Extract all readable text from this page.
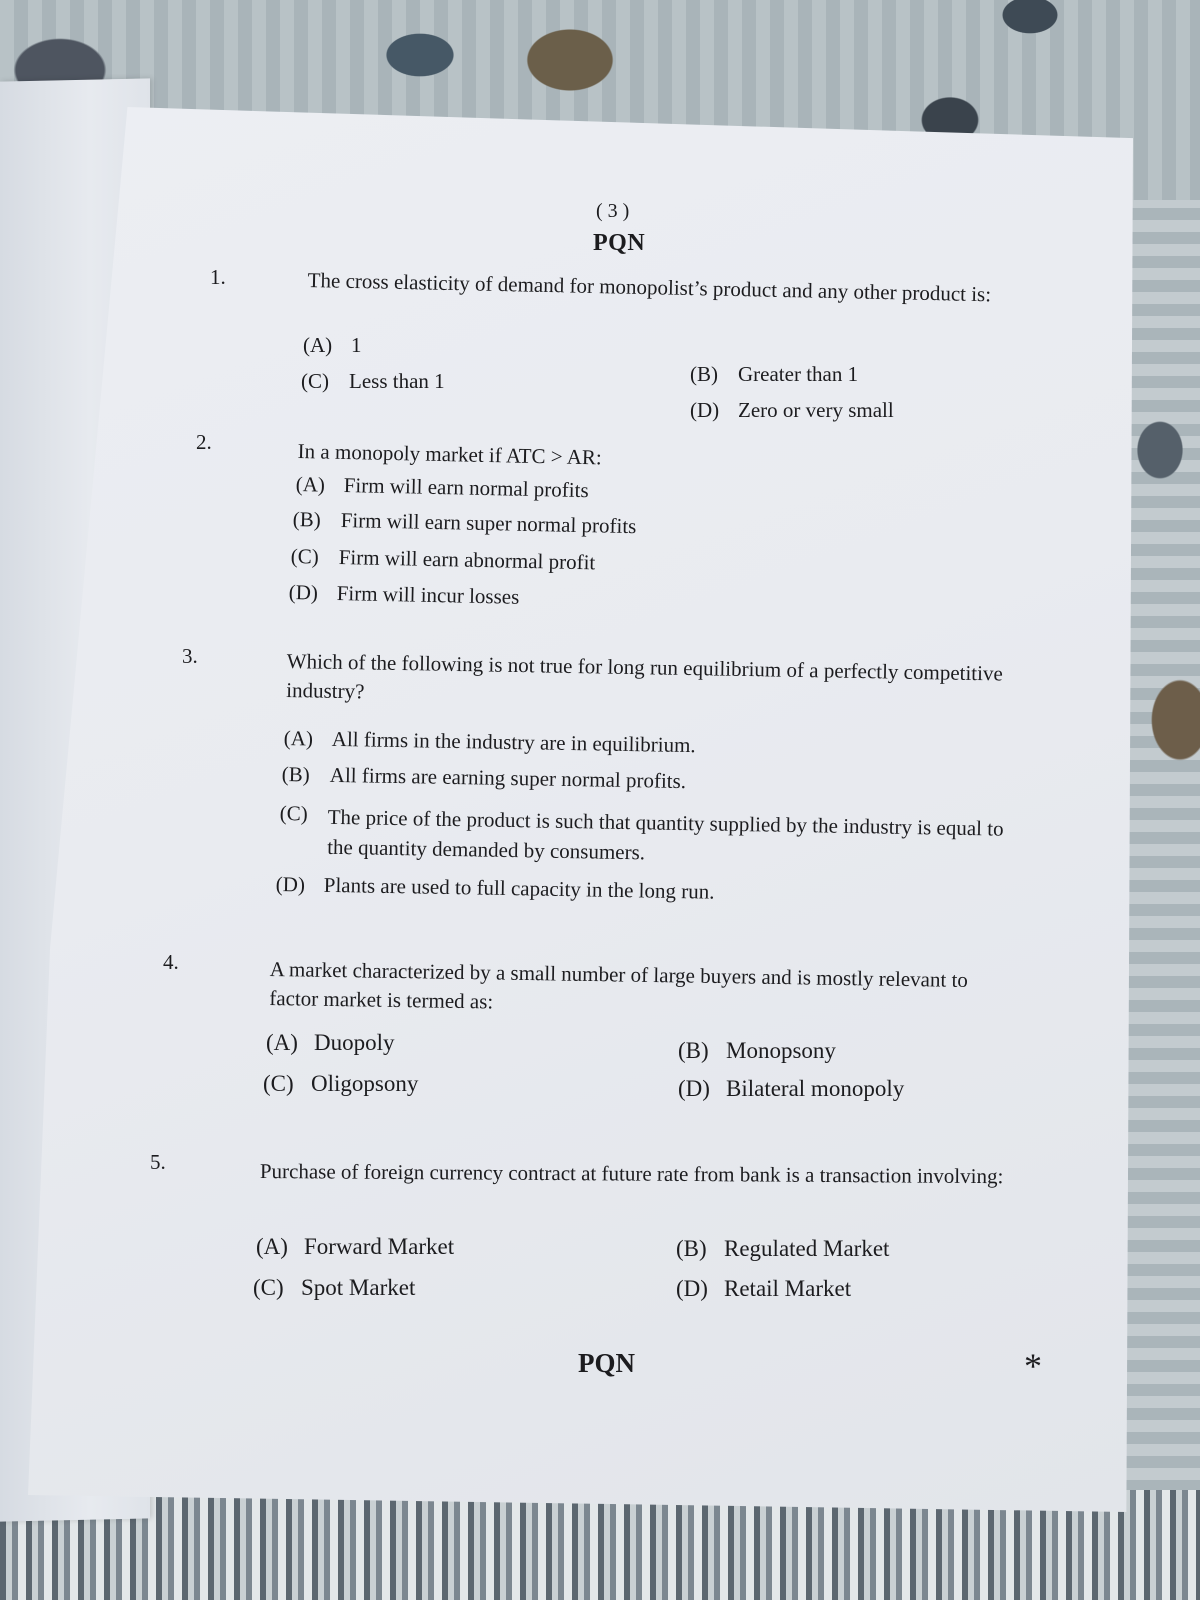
( 3 )
PQN
1.	The cross elasticity of demand for monopolist’s product and any other product is:
(A) 1
(B) Greater than 1
(C) Less than 1
(D) Zero or very small
2.	In a monopoly market if ATC > AR:
(A) Firm will earn normal profits
(B) Firm will earn super normal profits
(C) Firm will earn abnormal profit
(D) Firm will incur losses
3.	Which of the following is not true for long run equilibrium of a perfectly competitive industry?
(A) All firms in the industry are in equilibrium.
(B) All firms are earning super normal profits.
(C) The price of the product is such that quantity supplied by the industry is equal to the quantity demanded by consumers.
(D) Plants are used to full capacity in the long run.
4.	A market characterized by a small number of large buyers and is mostly relevant to factor market is termed as:
(A) Duopoly	(B) Monopsony
(C) Oligopsony	(D) Bilateral monopoly
5.	Purchase of foreign currency contract at future rate from bank is a transaction involving:
(A) Forward Market	(B) Regulated Market
(C) Spot Market	(D) Retail Market
PQN	*
